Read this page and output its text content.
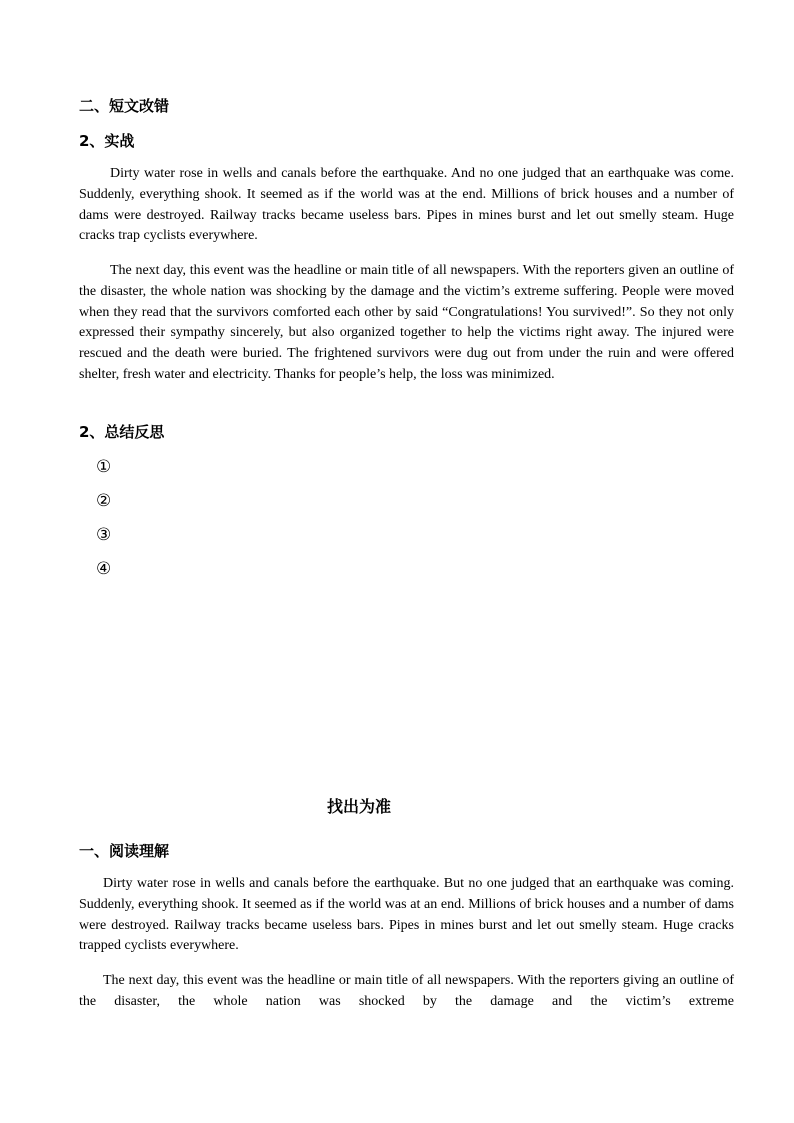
二、短文改错
2、实战

Dirty water rose in wells and canals before the earthquake. And no one judged that an earthquake was come. Suddenly, everything shook. It seemed as if the world was at the end. Millions of brick houses and a number of dams were destroyed. Railway tracks became useless bars. Pipes in mines burst and let out smelly steam. Huge cracks trap cyclists everywhere.

The next day, this event was the headline or main title of all newspapers. With the reporters given an outline of the disaster, the whole nation was shocking by the damage and the victim’s extreme suffering. People were moved when they read that the survivors comforted each other by said “Congratulations! You survived!”. So they not only expressed their sympathy sincerely, but also organized together to help the victims right away. The injured were rescued and the death were buried. The frightened survivors were dug out from under the ruin and were offered shelter, fresh water and electricity. Thanks for people’s help, the loss was minimized.

2、总结反思
①
②
③
④
找出为准
一、阅读理解

Dirty water rose in wells and canals before the earthquake. But no one judged that an earthquake was coming. Suddenly, everything shook. It seemed as if the world was at an end. Millions of brick houses and a number of dams were destroyed. Railway tracks became useless bars. Pipes in mines burst and let out smelly steam. Huge cracks trapped cyclists everywhere.

The next day, this event was the headline or main title of all newspapers. With the reporters giving an outline of the disaster, the whole nation was shocked by the damage and the victim’s extreme
